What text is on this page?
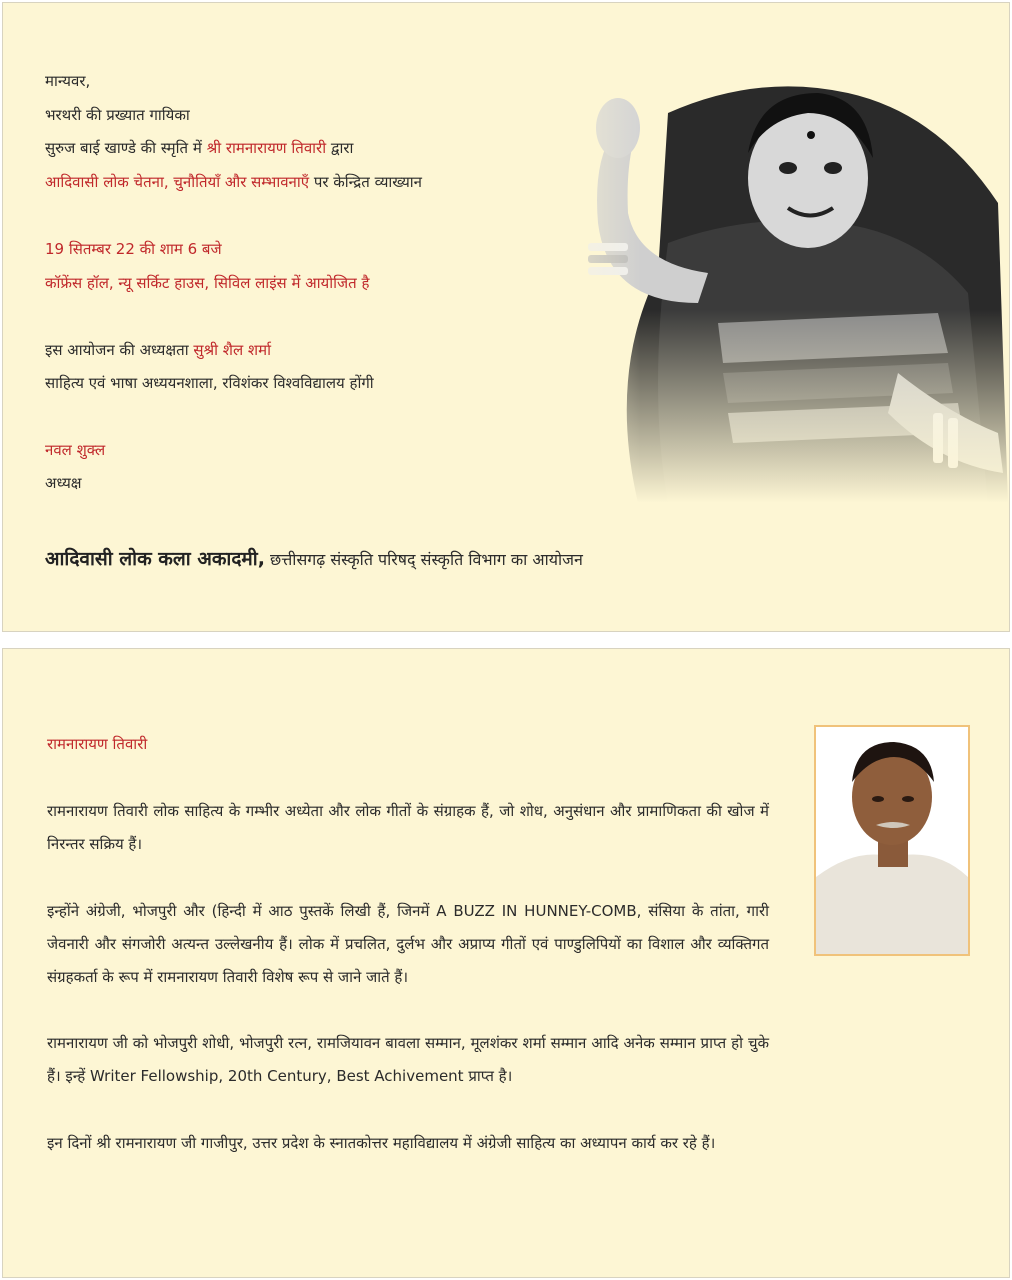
मान्यवर,
भरथरी की प्रख्यात गायिका
सुरुज बाई खाण्डे की स्मृति में श्री रामनारायण तिवारी द्वारा
आदिवासी लोक चेतना, चुनौतियाँ और सम्भावनाएँ पर केन्द्रित व्याख्यान
19 सितम्बर 22 की शाम 6 बजे
कॉफ्रेंस हॉल, न्यू सर्किट हाउस, सिविल लाइंस में आयोजित है
इस आयोजन की अध्यक्षता सुश्री शैल शर्मा
साहित्य एवं भाषा अध्ययनशाला, रविशंकर विश्वविद्यालय होंगी
नवल शुक्ल
अध्यक्ष
आदिवासी लोक कला अकादमी, छत्तीसगढ़ संस्कृति परिषद् संस्कृति विभाग का आयोजन
रामनारायण तिवारी
रामनारायण तिवारी लोक साहित्य के गम्भीर अध्येता और लोक गीतों के संग्राहक हैं, जो शोध, अनुसंधान और प्रामाणिकता की खोज में निरन्तर सक्रिय हैं।
इन्होंने अंग्रेजी, भोजपुरी और (हिन्दी में आठ पुस्तकें लिखी हैं, जिनमें A BUZZ IN HUNNEY-COMB, संसिया के तांता, गारी जेवनारी और संगजोरी अत्यन्त उल्लेखनीय हैं। लोक में प्रचलित, दुर्लभ और अप्राप्य गीतों एवं पाण्डुलिपियों का विशाल और व्यक्तिगत संग्रहकर्ता के रूप में रामनारायण तिवारी विशेष रूप से जाने जाते हैं।
रामनारायण जी को भोजपुरी शोधी, भोजपुरी रत्न, रामजियावन बावला सम्मान, मूलशंकर शर्मा सम्मान आदि अनेक सम्मान प्राप्त हो चुके हैं। इन्हें Writer Fellowship, 20th Century, Best Achivement प्राप्त है।
इन दिनों श्री रामनारायण जी गाजीपुर, उत्तर प्रदेश के स्नातकोत्तर महाविद्यालय में अंग्रेजी साहित्य का अध्यापन कार्य कर रहे हैं।
